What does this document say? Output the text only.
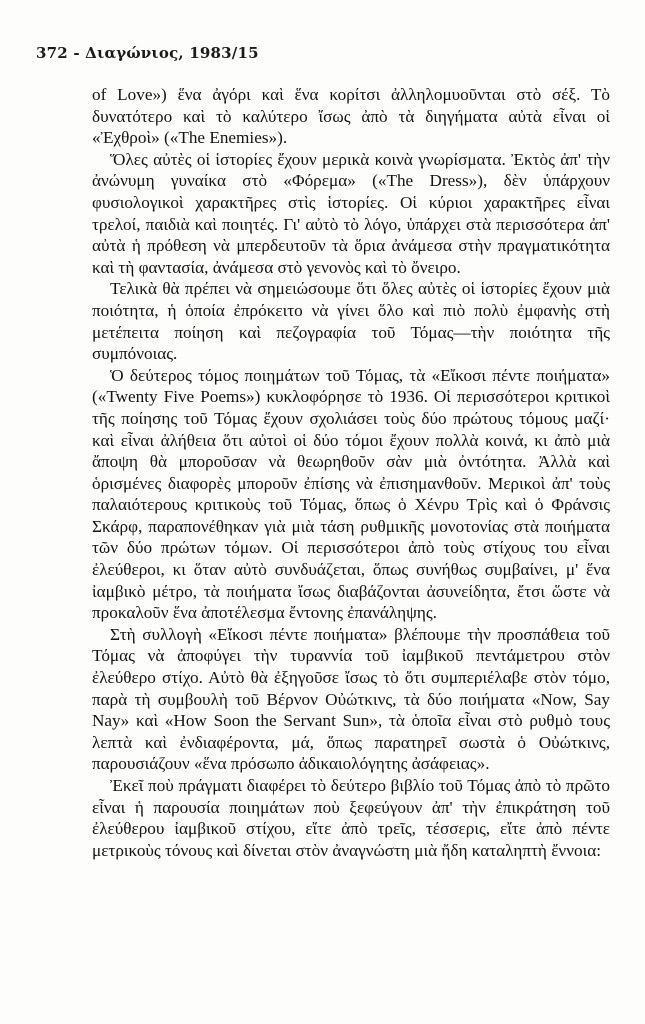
372 - Διαγώνιος, 1983/15

of Love») ἕνα ἀγόρι καὶ ἕνα κορίτσι ἀλληλομυοῦνται στὸ σέξ. Τὸ δυνατότερο καὶ τὸ καλύτερο ἴσως ἀπὸ τὰ διηγήματα αὐτὰ εἶναι οἱ «Ἐχθροὶ» («The Enemies»).

Ὅλες αὐτὲς οἱ ἱστορίες ἔχουν μερικὰ κοινὰ γνωρίσματα. Ἐκτὸς ἀπ' τὴν ἀνώνυμη γυναίκα στὸ «Φόρεμα» («The Dress»), δὲν ὑπάρχουν φυσιολογικοὶ χαρακτῆρες στὶς ἱστορίες. Οἱ κύριοι χαρακτῆρες εἶναι τρελοί, παιδιὰ καὶ ποιητές. Γι' αὐτὸ τὸ λόγο, ὑπάρχει στὰ περισσότερα ἀπ' αὐτὰ ἡ πρόθεση νὰ μπερδευτοῦν τὰ ὅρια ἀνάμεσα στὴν πραγματικότητα καὶ τὴ φαντασία, ἀνάμεσα στὸ γενονὸς καὶ τὸ ὄνειρο.

Τελικὰ θὰ πρέπει νὰ σημειώσουμε ὅτι ὅλες αὐτὲς οἱ ἱστορίες ἔχουν μιὰ ποιότητα, ἡ ὁποία ἐπρόκειτο νὰ γίνει ὅλο καὶ πιὸ πολὺ ἐμφανὴς στὴ μετέπειτα ποίηση καὶ πεζογραφία τοῦ Τόμας—τὴν ποιότητα τῆς συμπόνοιας.

Ὁ δεύτερος τόμος ποιημάτων τοῦ Τόμας, τὰ «Εἴκοσι πέντε ποιήματα» («Twenty Five Poems») κυκλοφόρησε τὸ 1936. Οἱ περισσότεροι κριτικοὶ τῆς ποίησης τοῦ Τόμας ἔχουν σχολιάσει τοὺς δύο πρώτους τόμους μαζί· καὶ εἶναι ἀλήθεια ὅτι αὐτοὶ οἱ δύο τόμοι ἔχουν πολλὰ κοινά, κι ἀπὸ μιὰ ἄποψη θὰ μποροῦσαν νὰ θεωρηθοῦν σὰν μιὰ ὀντότητα. Ἀλλὰ καὶ ὁρισμένες διαφορὲς μποροῦν ἐπίσης νὰ ἐπισημανθοῦν. Μερικοὶ ἀπ' τοὺς παλαιότερους κριτικοὺς τοῦ Τόμας, ὅπως ὁ Χένρυ Τρὶς καὶ ὁ Φράνσις Σκάρφ, παραπονέθηκαν γιὰ μιὰ τάση ρυθμικῆς μονοτονίας στὰ ποιήματα τῶν δύο πρώτων τόμων. Οἱ περισσότεροι ἀπὸ τοὺς στίχους του εἶναι ἐλεύθεροι, κι ὅταν αὐτὸ συνδυάζεται, ὅπως συνήθως συμβαίνει, μ' ἕνα ἰαμβικὸ μέτρο, τὰ ποιήματα ἴσως διαβάζονται ἀσυνείδητα, ἔτσι ὥστε νὰ προκαλοῦν ἕνα ἀποτέλεσμα ἔντονης ἐπανάληψης.

Στὴ συλλογὴ «Εἴκοσι πέντε ποιήματα» βλέπουμε τὴν προσπάθεια τοῦ Τόμας νὰ ἀποφύγει τὴν τυραννία τοῦ ἰαμβικοῦ πεντάμετρου στὸν ἐλεύθερο στίχο. Αὐτὸ θὰ ἐξηγοῦσε ἴσως τὸ ὅτι συμπεριέλαβε στὸν τόμο, παρὰ τὴ συμβουλὴ τοῦ Βέρνον Οὐώτκινς, τὰ δύο ποιήματα «Now, Say Nay» καὶ «How Soon the Servant Sun», τὰ ὁποῖα εἶναι στὸ ρυθμὸ τους λεπτὰ καὶ ἐνδιαφέροντα, μά, ὅπως παρατηρεῖ σωστὰ ὁ Οὐώτκινς, παρουσιάζουν «ἕνα πρόσωπο ἀδικαιολόγητης ἀσάφειας».

Ἐκεῖ ποὺ πράγματι διαφέρει τὸ δεύτερο βιβλίο τοῦ Τόμας ἀπὸ τὸ πρῶτο εἶναι ἡ παρουσία ποιημάτων ποὺ ξεφεύγουν ἀπ' τὴν ἐπικράτηση τοῦ ἐλεύθερου ἰαμβικοῦ στίχου, εἴτε ἀπὸ τρεῖς, τέσσερις, εἴτε ἀπὸ πέντε μετρικοὺς τόνους καὶ δίνεται στὸν ἀναγνώστη μιὰ ἤδη καταληπτὴ ἔννοια:
